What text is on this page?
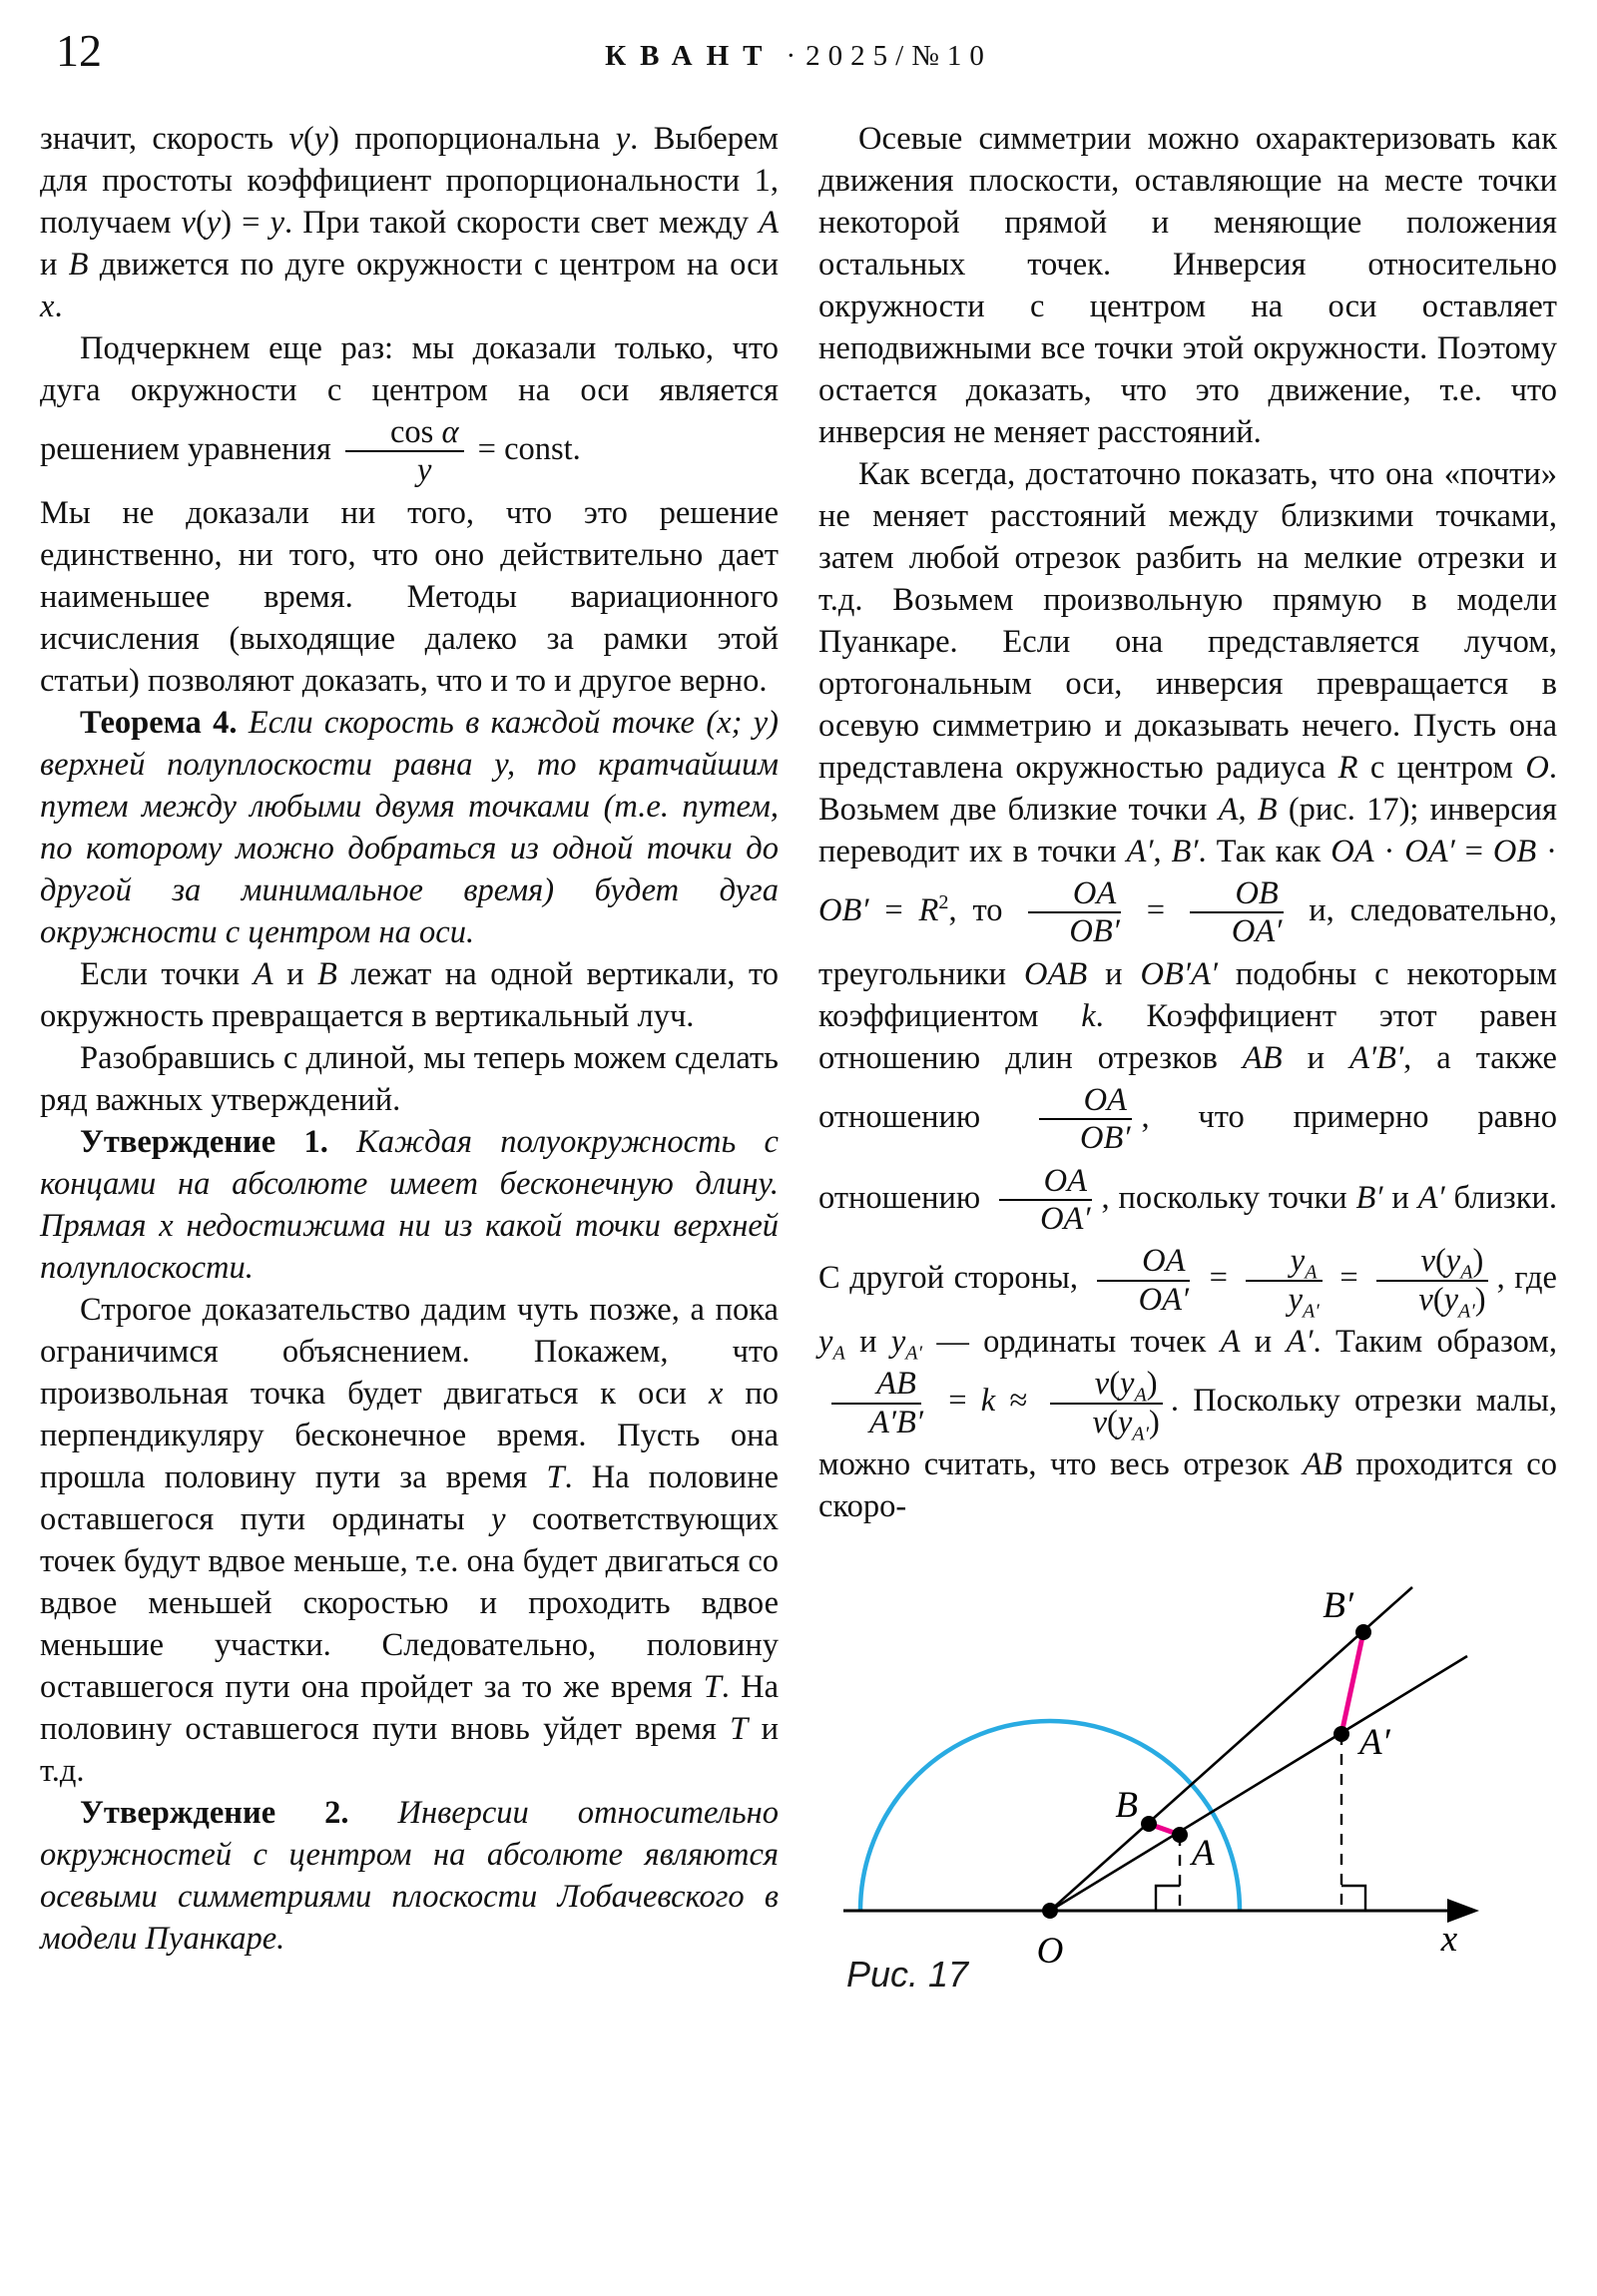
12	КВАНТ · 2025/№10

значит, скорость v(y) пропорциональна y. Выберем для простоты коэффициент пропорциональности 1, получаем v(y) = y. При такой скорости свет между A и B движется по дуге окружности с центром на оси x.

Подчеркнем еще раз: мы доказали только, что дуга окружности с центром на оси является решением уравнения $\frac{\text{cos α}}{y}$ = const.

Мы не доказали ни того, что это решение единственно, ни того, что оно действительно дает наименьшее время. Методы вариационного исчисления (выходящие далеко за рамки этой статьи) позволяют доказать, что и то и другое верно.

Теорема 4. Если скорость в каждой точке (x; y) верхней полуплоскости равна y, то кратчайшим путем между любыми двумя точками (т.е. путем, по которому можно добраться из одной точки до другой за минимальное время) будет дуга окружности с центром на оси.

Если точки A и B лежат на одной вертикали, то окружность превращается в вертикальный луч.

Разобравшись с длиной, мы теперь можем сделать ряд важных утверждений.

Утверждение 1. Каждая полуокружность с концами на абсолюте имеет бесконечную длину. Прямая x недостижима ни из какой точки верхней полуплоскости.

Строгое доказательство дадим чуть позже, а пока ограничимся объяснением. Покажем, что произвольная точка будет двигаться к оси x по перпендикуляру бесконечное время. Пусть она прошла половину пути за время T. На половине оставшегося пути ординаты y соответствующих точек будут вдвое меньше, т.е. она будет двигаться со вдвое меньшей скоростью и проходить вдвое меньшие участки. Следовательно, половину оставшегося пути она пройдет за то же время T. На половину оставшегося пути вновь уйдет время T и т.д.

Утверждение 2. Инверсии относительно окружностей с центром на абсолюте являются осевыми симметриями плоскости Лобачевского в модели Пуанкаре.

Осевые симметрии можно охарактеризовать как движения плоскости, оставляющие на месте точки некоторой прямой и меняющие положения остальных точек. Инверсия относительно окружности с центром на оси оставляет неподвижными все точки этой окружности. Поэтому остается доказать, что это движение, т.е. что инверсия не меняет расстояний.

Как всегда, достаточно показать, что она «почти» не меняет расстояний между близкими точками, затем любой отрезок разбить на мелкие отрезки и т.д. Возьмем произвольную прямую в модели Пуанкаре. Если она представляется лучом, ортогональным оси, инверсия превращается в осевую симметрию и доказывать нечего. Пусть она представлена окружностью радиуса R с центром O. Возьмем две близкие точки A, B (рис. 17); инверсия переводит их в точки A′, B′. Так как OA · OA′ = OB · $OB' = R^2$, то $\frac{OA}{OB'} = \frac{OB}{OA'} и$, следовательно, треугольники OAB и OB′A′ подобны с некоторым коэффициентом k. Коэффициент этот равен отношению длин отрезков AB и A′B′, а также отношению $\frac{OA}{OB'}$ , что примерно равно отношению $\frac{OA}{OA'}$ , поскольку точки B′ и A′ близки. С другой стороны, $\frac{OA}{OA'} = \frac{y_A}{y_{A'}} = \frac{v(y_A)}{v(y_{A'})}$ , где $y_A$ и $y_{A'}$ — ординаты точек A и A′. Таким образом,
$\frac{AB}{A'B'} = k \approx \frac{v(y_A)}{v(y_{A'})}$ . Поскольку отрезки малы, можно считать, что весь отрезок AB проходится со скоро-

O
B
A
B′
A′
x
Рис. 17
